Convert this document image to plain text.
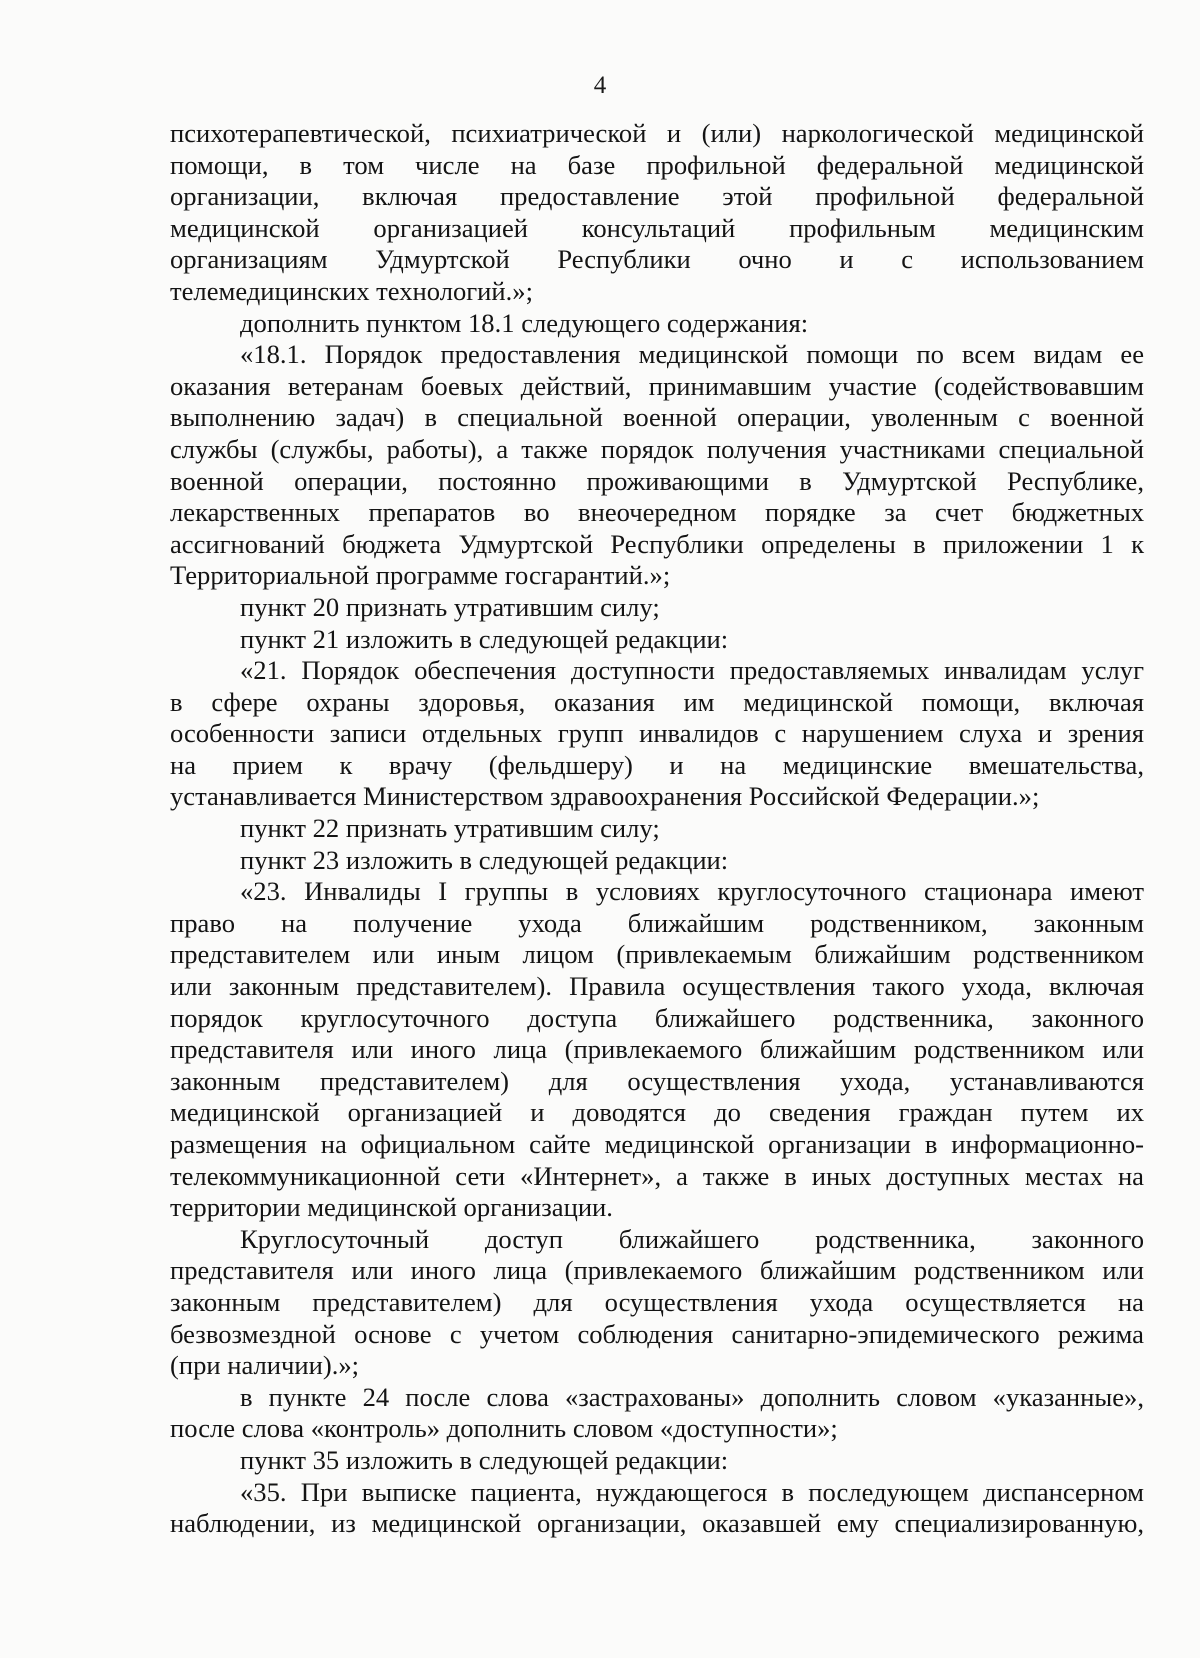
4
психотерапевтической, психиатрической и (или) наркологической медицинской
помощи, в том числе на базе профильной федеральной медицинской
организации, включая предоставление этой профильной федеральной
медицинской организацией консультаций профильным медицинским
организациям Удмуртской Республики очно и с использованием
телемедицинских технологий.»;
дополнить пунктом 18.1 следующего содержания:
«18.1. Порядок предоставления медицинской помощи по всем видам ее
оказания ветеранам боевых действий, принимавшим участие (содействовавшим
выполнению задач) в специальной военной операции, уволенным с военной
службы (службы, работы), а также порядок получения участниками специальной
военной операции, постоянно проживающими в Удмуртской Республике,
лекарственных препаратов во внеочередном порядке за счет бюджетных
ассигнований бюджета Удмуртской Республики определены в приложении 1 к
Территориальной программе госгарантий.»;
пункт 20 признать утратившим силу;
пункт 21 изложить в следующей редакции:
«21. Порядок обеспечения доступности предоставляемых инвалидам услуг
в сфере охраны здоровья, оказания им медицинской помощи, включая
особенности записи отдельных групп инвалидов с нарушением слуха и зрения
на прием к врачу (фельдшеру) и на медицинские вмешательства,
устанавливается Министерством здравоохранения Российской Федерации.»;
пункт 22 признать утратившим силу;
пункт 23 изложить в следующей редакции:
«23. Инвалиды I группы в условиях круглосуточного стационара имеют
право на получение ухода ближайшим родственником, законным
представителем или иным лицом (привлекаемым ближайшим родственником
или законным представителем). Правила осуществления такого ухода, включая
порядок круглосуточного доступа ближайшего родственника, законного
представителя или иного лица (привлекаемого ближайшим родственником или
законным представителем) для осуществления ухода, устанавливаются
медицинской организацией и доводятся до сведения граждан путем их
размещения на официальном сайте медицинской организации в информационно-
телекоммуникационной сети «Интернет», а также в иных доступных местах на
территории медицинской организации.
Круглосуточный доступ ближайшего родственника, законного
представителя или иного лица (привлекаемого ближайшим родственником или
законным представителем) для осуществления ухода осуществляется на
безвозмездной основе с учетом соблюдения санитарно-эпидемического режима
(при наличии).»;
в пункте 24 после слова «застрахованы» дополнить словом «указанные»,
после слова «контроль» дополнить словом «доступности»;
пункт 35 изложить в следующей редакции:
«35. При выписке пациента, нуждающегося в последующем диспансерном
наблюдении, из медицинской организации, оказавшей ему специализированную,
